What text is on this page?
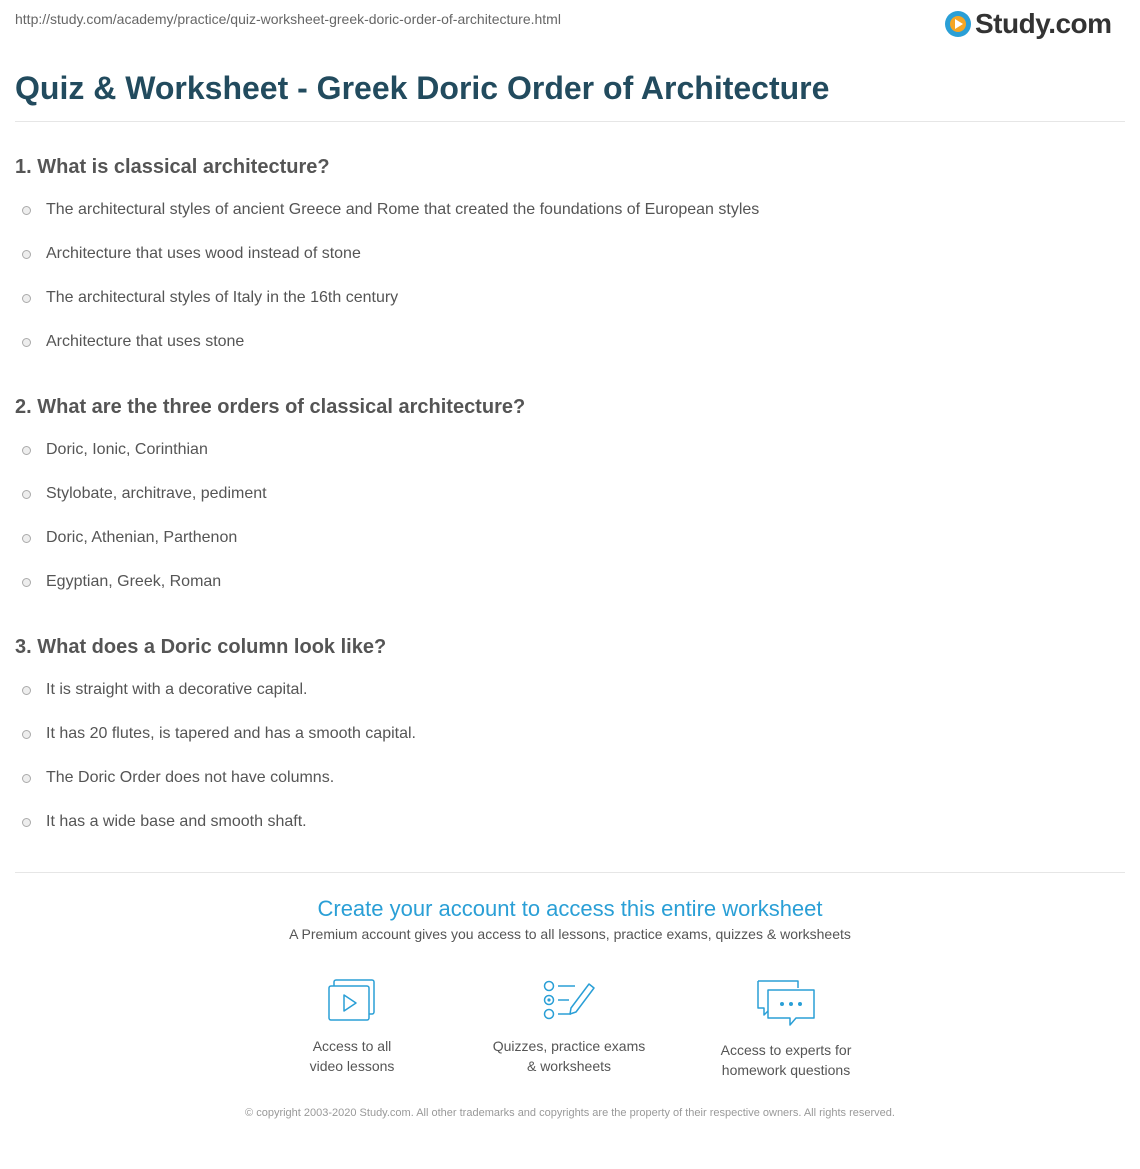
http://study.com/academy/practice/quiz-worksheet-greek-doric-order-of-architecture.html	Study.com
Quiz & Worksheet - Greek Doric Order of Architecture
1. What is classical architecture?
The architectural styles of ancient Greece and Rome that created the foundations of European styles
Architecture that uses wood instead of stone
The architectural styles of Italy in the 16th century
Architecture that uses stone
2. What are the three orders of classical architecture?
Doric, Ionic, Corinthian
Stylobate, architrave, pediment
Doric, Athenian, Parthenon
Egyptian, Greek, Roman
3. What does a Doric column look like?
It is straight with a decorative capital.
It has 20 flutes, is tapered and has a smooth capital.
The Doric Order does not have columns.
It has a wide base and smooth shaft.
Create your account to access this entire worksheet
A Premium account gives you access to all lessons, practice exams, quizzes & worksheets
Access to all
video lessons
Quizzes, practice exams
& worksheets
Access to experts for
homework questions
© copyright 2003-2020 Study.com. All other trademarks and copyrights are the property of their respective owners. All rights reserved.
